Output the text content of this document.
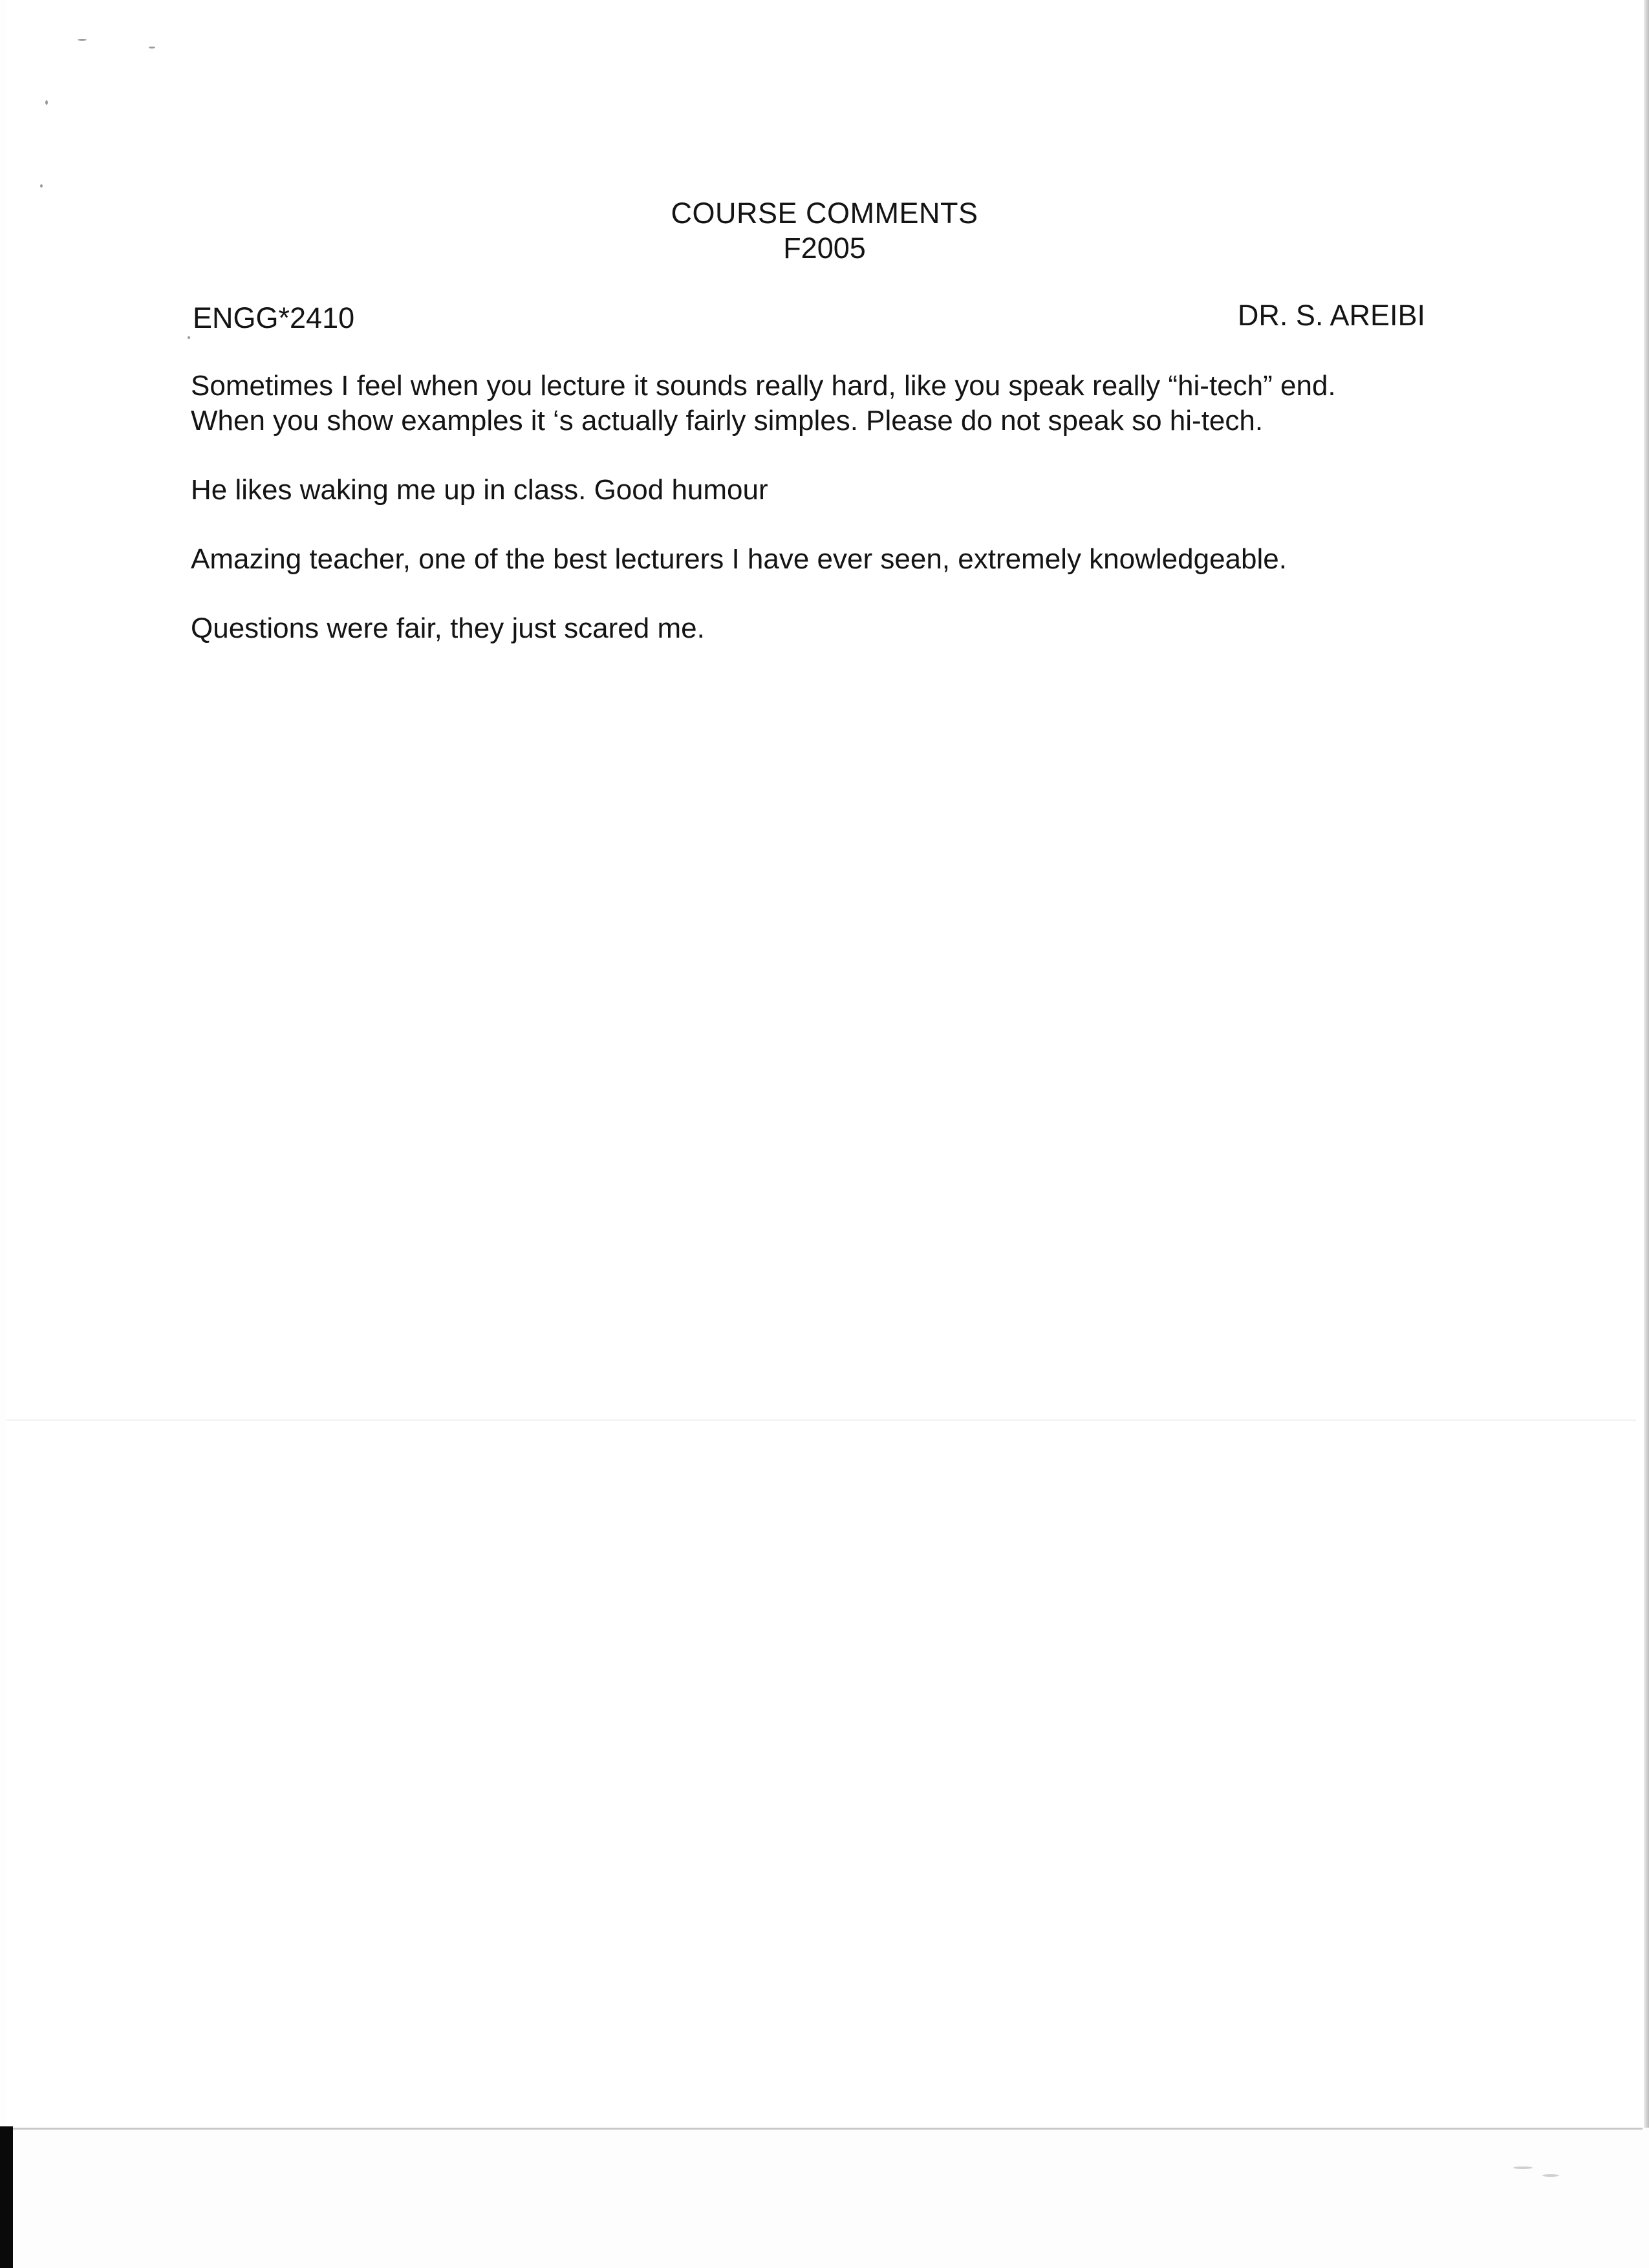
COURSE COMMENTS
F2005
ENGG*2410	DR. S. AREIBI
Sometimes I feel when you lecture it sounds really hard, like you speak really “hi-tech” end.
When you show examples it ‘s actually fairly simples. Please do not speak so hi-tech.
He likes waking me up in class. Good humour
Amazing teacher, one of the best lecturers I have ever seen, extremely knowledgeable.
Questions were fair, they just scared me.
